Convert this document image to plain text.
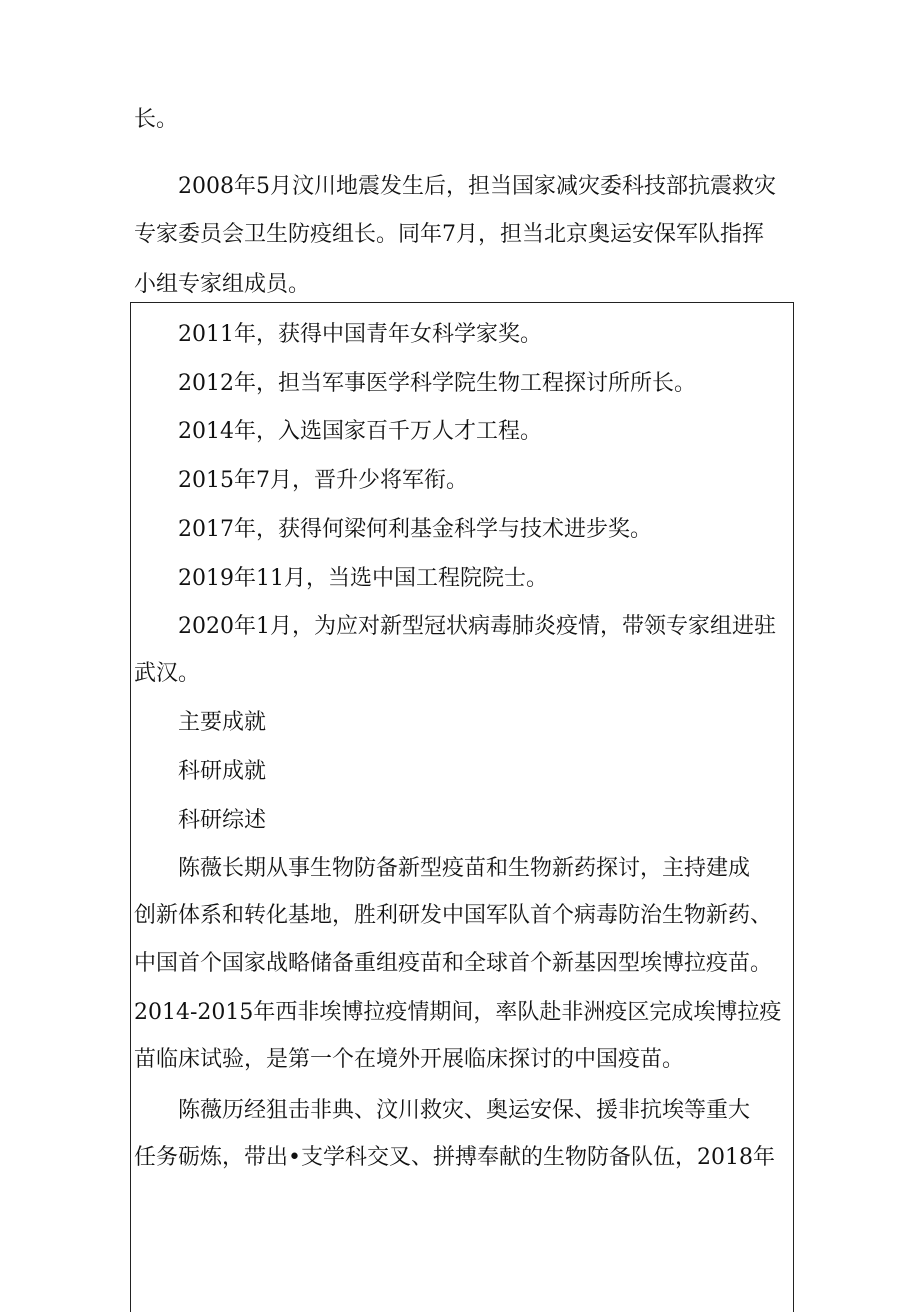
长。
2008年5月汶川地震发生后，担当国家减灾委科技部抗震救灾
专家委员会卫生防疫组长。同年7月，担当北京奥运安保军队指挥
小组专家组成员。
2011年，获得中国青年女科学家奖。
2012年，担当军事医学科学院生物工程探讨所所长。
2014年，入选国家百千万人才工程。
2015年7月，晋升少将军衔。
2017年，获得何梁何利基金科学与技术进步奖。
2019年11月，当选中国工程院院士。
2020年1月，为应对新型冠状病毒肺炎疫情，带领专家组进驻
武汉。
主要成就
科研成就
科研综述
陈薇长期从事生物防备新型疫苗和生物新药探讨，主持建成
创新体系和转化基地，胜利研发中国军队首个病毒防治生物新药、
中国首个国家战略储备重组疫苗和全球首个新基因型埃博拉疫苗。
2014-2015年西非埃博拉疫情期间，率队赴非洲疫区完成埃博拉疫
苗临床试验，是第一个在境外开展临床探讨的中国疫苗。
陈薇历经狙击非典、汶川救灾、奥运安保、援非抗埃等重大
任务砺炼，带出•支学科交叉、拼搏奉献的生物防备队伍，2018年
